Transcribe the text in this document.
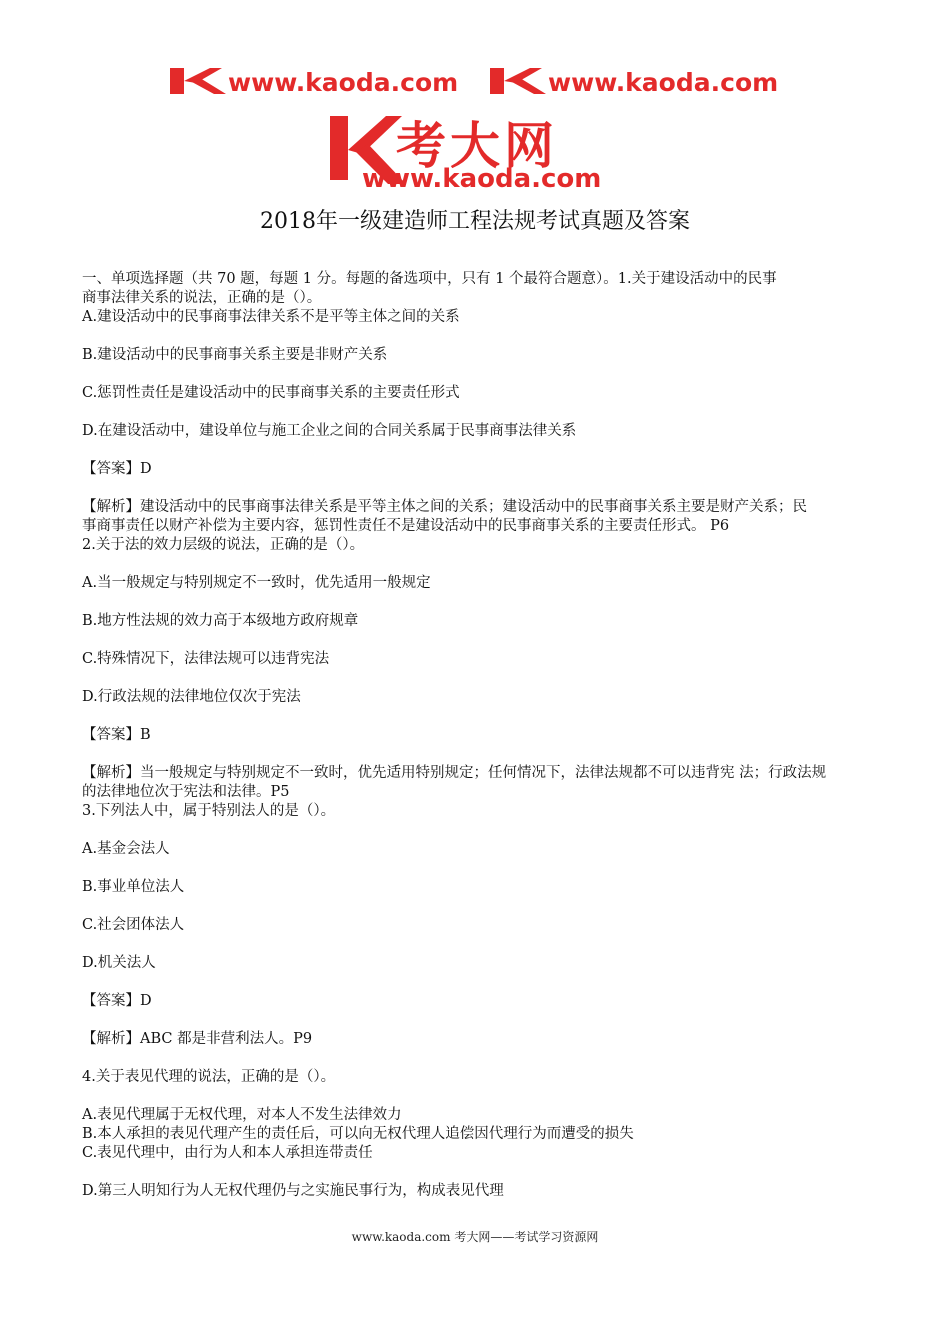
www.kaoda.com	www.kaoda.com
考大网
www.kaoda.com
2018年一级建造师工程法规考试真题及答案
一、单项选择题（共 70 题，每题 1 分。每题的备选项中，只有 1 个最符合题意）。1.关于建设活动中的民事
商事法律关系的说法，正确的是（）。
A.建设活动中的民事商事法律关系不是平等主体之间的关系
B.建设活动中的民事商事关系主要是非财产关系
C.惩罚性责任是建设活动中的民事商事关系的主要责任形式
D.在建设活动中，建设单位与施工企业之间的合同关系属于民事商事法律关系
【答案】D
【解析】建设活动中的民事商事法律关系是平等主体之间的关系；建设活动中的民事商事关系主要是财产关系；民
事商事责任以财产补偿为主要内容，惩罚性责任不是建设活动中的民事商事关系的主要责任形式。 P6
2.关于法的效力层级的说法，正确的是（）。
A.当一般规定与特别规定不一致时，优先适用一般规定
B.地方性法规的效力高于本级地方政府规章
C.特殊情况下，法律法规可以违背宪法
D.行政法规的法律地位仅次于宪法
【答案】B
【解析】当一般规定与特别规定不一致时，优先适用特别规定；任何情况下，法律法规都不可以违背宪 法；行政法规
的法律地位次于宪法和法律。P5
3.下列法人中，属于特别法人的是（）。
A.基金会法人
B.事业单位法人
C.社会团体法人
D.机关法人
【答案】D
【解析】ABC 都是非营利法人。P9
4.关于表见代理的说法，正确的是（）。
A.表见代理属于无权代理，对本人不发生法律效力
B.本人承担的表见代理产生的责任后，可以向无权代理人追偿因代理行为而遭受的损失
C.表见代理中，由行为人和本人承担连带责任
D.第三人明知行为人无权代理仍与之实施民事行为，构成表见代理
www.kaoda.com 考大网——考试学习资源网
